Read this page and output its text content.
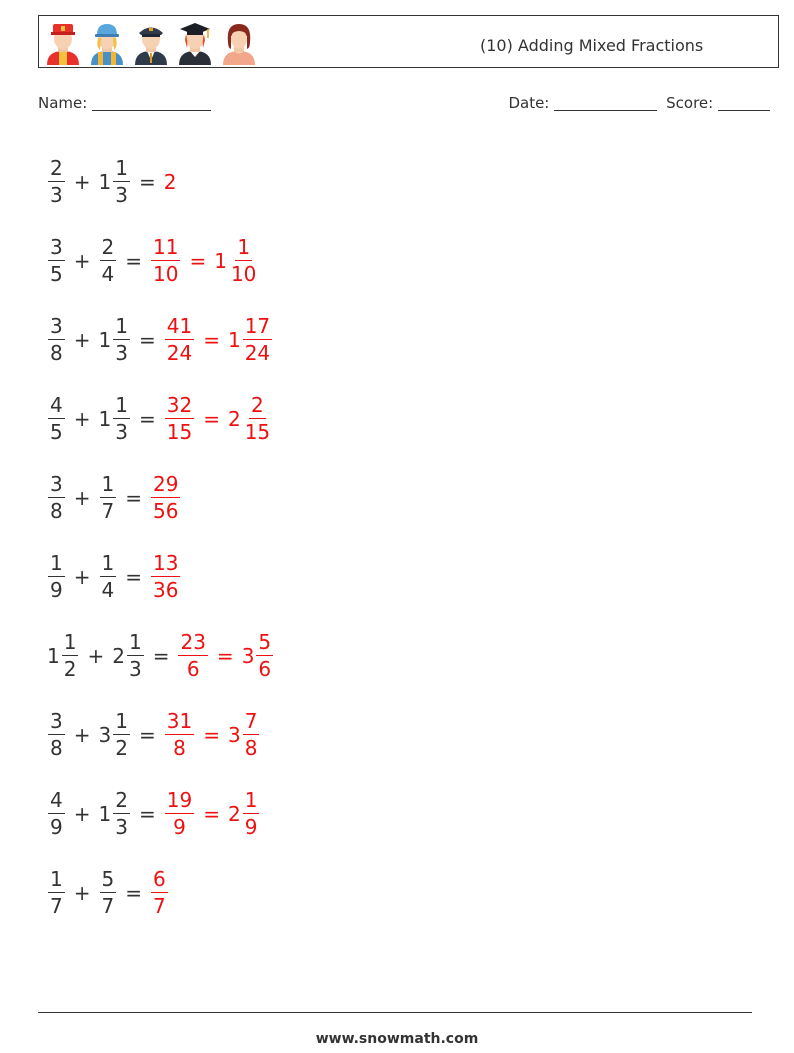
(10) Adding Mixed Fractions
Name:	Date:	Score:
$\frac{2}{3} + 1 \frac{1}{3} = 2$
$\frac{3}{5} + \frac{2}{4} = \frac{11}{10} = 1 \frac{1}{10}$
$\frac{3}{8} + 1 \frac{1}{3} = \frac{41}{24} = 1 \frac{17}{24}$
$\frac{4}{5} + 1 \frac{1}{3} = \frac{32}{15} = 2 \frac{2}{15}$
$\frac{3}{8} + \frac{1}{7} = \frac{29}{56}$
$\frac{1}{9} + \frac{1}{4} = \frac{13}{36}$
$1 \frac{1}{2} + 2 \frac{1}{3} = \frac{23}{6} = 3 \frac{5}{6}$
$\frac{3}{8} + 3 \frac{1}{2} = \frac{31}{8} = 3 \frac{7}{8}$
$\frac{4}{9} + 1 \frac{2}{3} = \frac{19}{9} = 2 \frac{1}{9}$
$\frac{1}{7} + \frac{5}{7} = \frac{6}{7}$
www.snowmath.com
